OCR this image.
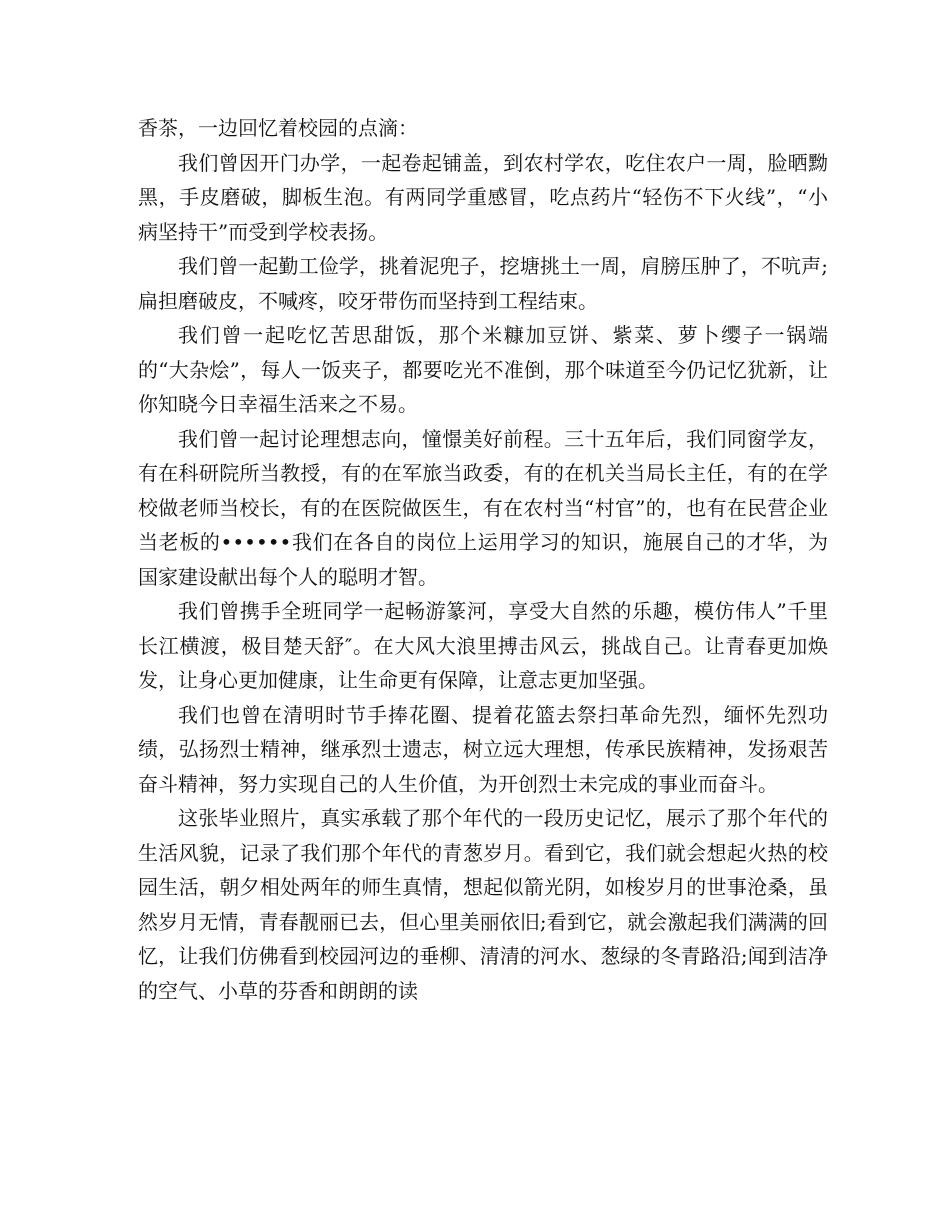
香茶，一边回忆着校园的点滴：

我们曾因开门办学，一起卷起铺盖，到农村学农，吃住农户一周，脸晒黝黑，手皮磨破，脚板生泡。有两同学重感冒，吃点药片“轻伤不下火线”，“小病坚持干”而受到学校表扬。

我们曾一起勤工俭学，挑着泥兜子，挖塘挑土一周，肩膀压肿了，不吭声;扁担磨破皮，不喊疼，咬牙带伤而坚持到工程结束。

我们曾一起吃忆苦思甜饭，那个米糠加豆饼、紫菜、萝卜缨子一锅端的“大杂烩”，每人一饭夹子，都要吃光不准倒，那个味道至今仍记忆犹新，让你知晓今日幸福生活来之不易。

我们曾一起讨论理想志向，憧憬美好前程。三十五年后，我们同窗学友，有在科研院所当教授，有的在军旅当政委，有的在机关当局长主任，有的在学校做老师当校长，有的在医院做医生，有在农村当“村官”的，也有在民营企业当老板的••••••我们在各自的岗位上运用学习的知识，施展自己的才华，为国家建设献出每个人的聪明才智。

我们曾携手全班同学一起畅游篆河，享受大自然的乐趣，模仿伟人”千里长江横渡，极目楚天舒″。在大风大浪里搏击风云，挑战自己。让青春更加焕发，让身心更加健康，让生命更有保障，让意志更加坚强。

我们也曾在清明时节手捧花圈、提着花篮去祭扫革命先烈，缅怀先烈功绩，弘扬烈士精神，继承烈士遗志，树立远大理想，传承民族精神，发扬艰苦奋斗精神，努力实现自己的人生价值，为开创烈士未完成的事业而奋斗。

这张毕业照片，真实承载了那个年代的一段历史记忆，展示了那个年代的生活风貌，记录了我们那个年代的青葱岁月。看到它，我们就会想起火热的校园生活，朝夕相处两年的师生真情，想起似箭光阴，如梭岁月的世事沧桑，虽然岁月无情，青春靓丽已去，但心里美丽依旧;看到它，就会激起我们满满的回忆，让我们仿佛看到校园河边的垂柳、清清的河水、葱绿的冬青路沿;闻到洁净的空气、小草的芬香和朗朗的读
